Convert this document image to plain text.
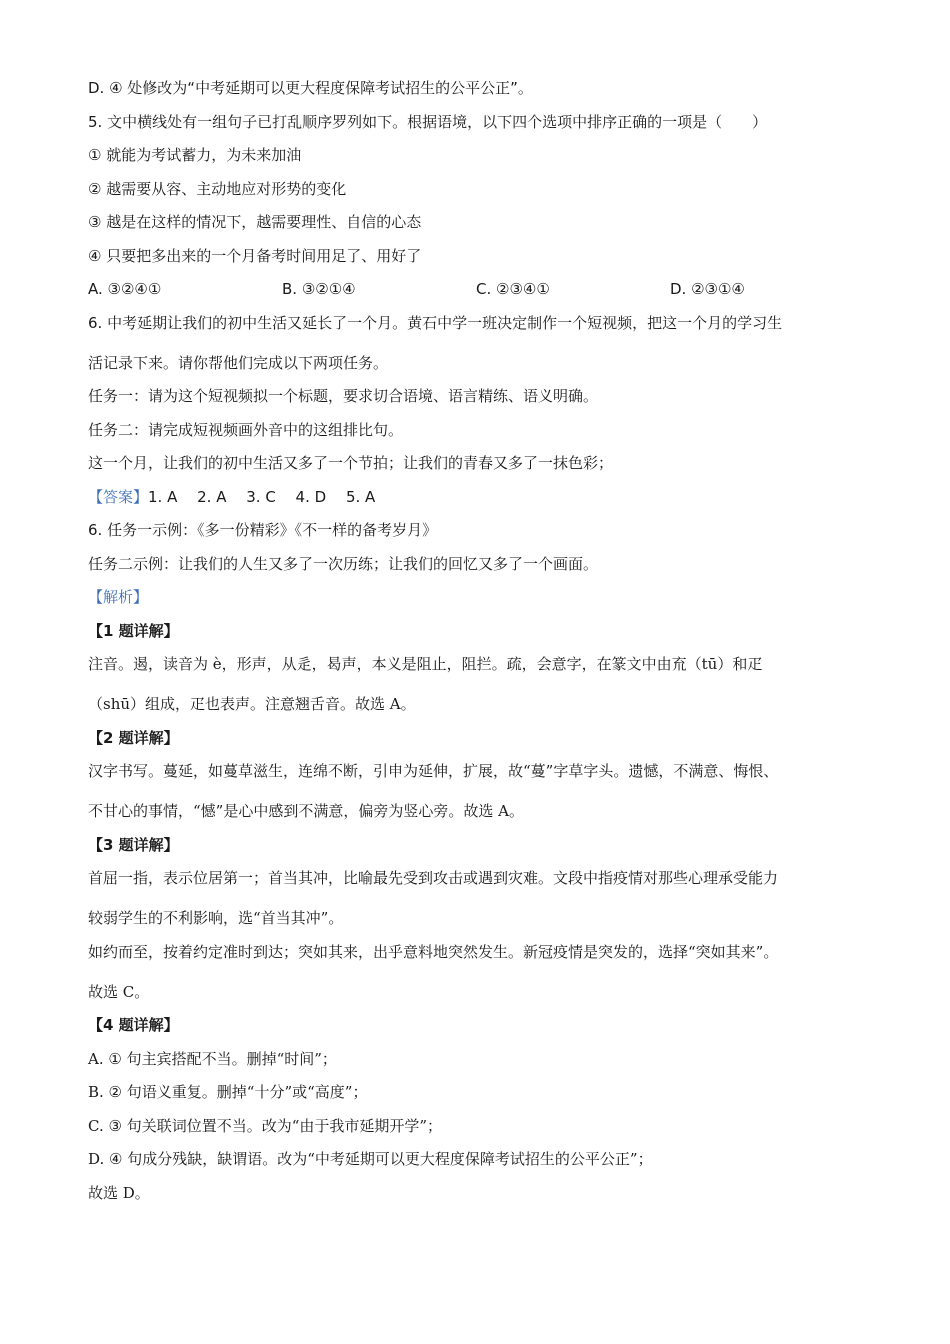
D. ④ 处修改为“中考延期可以更大程度保障考试招生的公平公正”。

5. 文中横线处有一组句子已打乱顺序罗列如下。根据语境，以下四个选项中排序正确的一项是（　　）

① 就能为考试蓄力，为未来加油

② 越需要从容、主动地应对形势的变化

③ 越是在这样的情况下，越需要理性、自信的心态

④ 只要把多出来的一个月备考时间用足了、用好了

A. ③②④①	B. ③②①④	C. ②③④①	D. ②③①④

6. 中考延期让我们的初中生活又延长了一个月。黄石中学一班决定制作一个短视频，把这一个月的学习生

活记录下来。请你帮他们完成以下两项任务。

任务一：请为这个短视频拟一个标题，要求切合语境、语言精练、语义明确。

任务二：请完成短视频画外音中的这组排比句。

这一个月，让我们的初中生活又多了一个节拍；让我们的青春又多了一抹色彩；

【答案】1. A　 2. A　 3. C　 4. D　 5. A

6. 任务一示例：《多一份精彩》《不一样的备考岁月》

任务二示例：让我们的人生又多了一次历练；让我们的回忆又多了一个画面。

【解析】

【1 题详解】

注音。遏，读音为 è，形声，从辵，曷声，本义是阻止，阻拦。疏，会意字，在篆文中由㐬（tū）和疋

（shū）组成，疋也表声。注意翘舌音。故选 A。

【2 题详解】

汉字书写。蔓延，如蔓草滋生，连绵不断，引申为延伸，扩展，故“蔓”字草字头。遗憾，不满意、悔恨、

不甘心的事情，“憾”是心中感到不满意，偏旁为竖心旁。故选 A。

【3 题详解】

首屈一指，表示位居第一；首当其冲，比喻最先受到攻击或遇到灾难。文段中指疫情对那些心理承受能力

较弱学生的不利影响，选“首当其冲”。

如约而至，按着约定准时到达；突如其来，出乎意料地突然发生。新冠疫情是突发的，选择“突如其来”。

故选 C。

【4 题详解】

A. ① 句主宾搭配不当。删掉“时间”；

B. ② 句语义重复。删掉“十分”或“高度”；

C. ③ 句关联词位置不当。改为“由于我市延期开学”；

D. ④ 句成分残缺，缺谓语。改为“中考延期可以更大程度保障考试招生的公平公正”；

故选 D。
